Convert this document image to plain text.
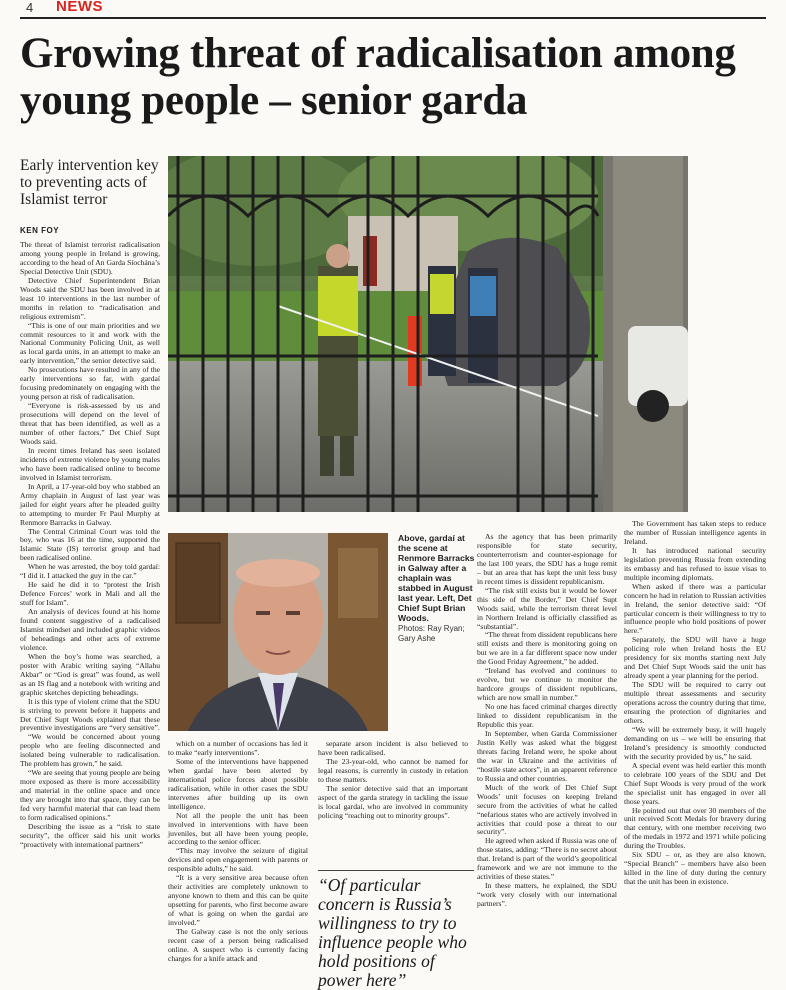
4 NEWS
Growing threat of radicalisation among young people – senior garda

Early intervention key to preventing acts of Islamist terror

KEN FOY

The threat of Islamist terrorist radicalisation among young people in Ireland is growing, according to the head of An Garda Síochána’s Special Detective Unit (SDU).

Detective Chief Superintendent Brian Woods said the SDU has been involved in at least 10 interventions in the last number of months in relation to “radicalisation and religious extremism”.

“This is one of our main priorities and we commit resources to it and work with the National Community Policing Unit, as well as local garda units, in an attempt to make an early intervention,” the senior detective said.

No prosecutions have resulted in any of the early interventions so far, with gardaí focusing predominately on engaging with the young person at risk of radicalisation.

“Everyone is risk-assessed by us and prosecutions will depend on the level of threat that has been identified, as well as a number of other factors,” Det Chief Supt Woods said.

In recent times Ireland has seen isolated incidents of extreme violence by young males who have been radicalised online to become involved in Islamist terrorism.

In April, a 17-year-old boy who stabbed an Army chaplain in August of last year was jailed for eight years after he pleaded guilty to attempting to murder Fr Paul Murphy at Renmore Barracks in Galway.

The Central Criminal Court was told the boy, who was 16 at the time, supported the Islamic State (IS) terrorist group and had been radicalised online.

When he was arrested, the boy told gardaí: “I did it. I attacked the guy in the car.”

He said he did it to “protest the Irish Defence Forces’ work in Mali and all the stuff for Islam”.

An analysis of devices found at his home found content suggestive of a radicalised Islamist mindset and included graphic videos of beheadings and other acts of extreme violence.

When the boy’s home was searched, a poster with Arabic writing saying “Allahu Akbar” or “God is great” was found, as well as an IS flag and a notebook with writing and graphic sketches depicting beheadings.

It is this type of violent crime that the SDU is striving to prevent before it happens and Det Chief Supt Woods explained that these preventive investigations are “very sensitive”.

“We would be concerned about young people who are feeling disconnected and isolated being vulnerable to radicalisation. The problem has grown,” he said.

“We are seeing that young people are being more exposed as there is more accessibility and material in the online space and once they are brought into that space, they can be fed very harmful material that can lead them to form radicalised opinions.”

Describing the issue as a “risk to state security”, the officer said his unit works “proactively with international partners”

Above, gardaí at the scene at Renmore Barracks in Galway after a chaplain was stabbed in August last year. Left, Det Chief Supt Brian Woods.
Photos: Ray Ryan; Gary Ashe

which on a number of occasions has led it to make “early interventions”.

Some of the interventions have happened when gardaí have been alerted by international police forces about possible radicalisation, while in other cases the SDU intervenes after building up its own intelligence.

Not all the people the unit has been involved in interventions with have been juveniles, but all have been young people, according to the senior officer.

“This may involve the seizure of digital devices and open engagement with parents or responsible adults,” he said.

“It is a very sensitive area because often their activities are completely unknown to anyone known to them and this can be quite upsetting for parents, who first become aware of what is going on when the gardaí are involved.”

The Galway case is not the only serious recent case of a person being radicalised online. A suspect who is currently facing charges for a knife attack and

separate arson incident is also believed to have been radicalised.

The 23-year-old, who cannot be named for legal reasons, is currently in custody in relation to these matters.

The senior detective said that an important aspect of the garda strategy in tackling the issue is local gardaí, who are involved in community policing “reaching out to minority groups”.

“Of particular concern is Russia’s willingness to try to influence people who hold positions of power here”

As the agency that has been primarily responsible for state security, counterterrorism and counter-espionage for the last 100 years, the SDU has a huge remit – but an area that has kept the unit less busy in recent times is dissident republicanism.

“The risk still exists but it would be lower this side of the Border,” Det Chief Supt Woods said, while the terrorism threat level in Northern Ireland is officially classified as “substantial”.

“The threat from dissident republicans here still exists and there is monitoring going on but we are in a far different space now under the Good Friday Agreement,” he added.

“Ireland has evolved and continues to evolve, but we continue to monitor the hardcore groups of dissident republicans, which are now small in number.”

No one has faced criminal charges directly linked to dissident republicanism in the Republic this year.

In September, when Garda Commissioner Justin Kelly was asked what the biggest threats facing Ireland were, he spoke about the war in Ukraine and the activities of “hostile state actors”, in an apparent reference to Russia and other countries.

Much of the work of Det Chief Supt Woods’ unit focuses on keeping Ireland secure from the activities of what he called “nefarious states who are actively involved in activities that could pose a threat to our security”.

He agreed when asked if Russia was one of those states, adding: “There is no secret about that. Ireland is part of the world’s geopolitical framework and we are not immune to the activities of these states.”

In these matters, he explained, the SDU “work very closely with our international partners”.

The Government has taken steps to reduce the number of Russian intelligence agents in Ireland.

It has introduced national security legislation preventing Russia from extending its embassy and has refused to issue visas to multiple incoming diplomats.

When asked if there was a particular concern he had in relation to Russian activities in Ireland, the senior detective said: “Of particular concern is their willingness to try to influence people who hold positions of power here.”

Separately, the SDU will have a huge policing role when Ireland hosts the EU presidency for six months starting next July and Det Chief Supt Woods said the unit has already spent a year planning for the period.

The SDU will be required to carry out multiple threat assessments and security operations across the country during that time, ensuring the protection of dignitaries and others.

“We will be extremely busy, it will hugely demanding on us – we will be ensuring that Ireland’s presidency is smoothly conducted with the security provided by us,” he said.

A special event was held earlier this month to celebrate 100 years of the SDU and Det Chief Supt Woods is very proud of the work the specialist unit has engaged in over all those years.

He pointed out that over 30 members of the unit received Scott Medals for bravery during that century, with one member receiving two of the medals in 1972 and 1971 while policing during the Troubles.

Six SDU – or, as they are also known, “Special Branch” – members have also been killed in the line of duty during the century that the unit has been in existence.
